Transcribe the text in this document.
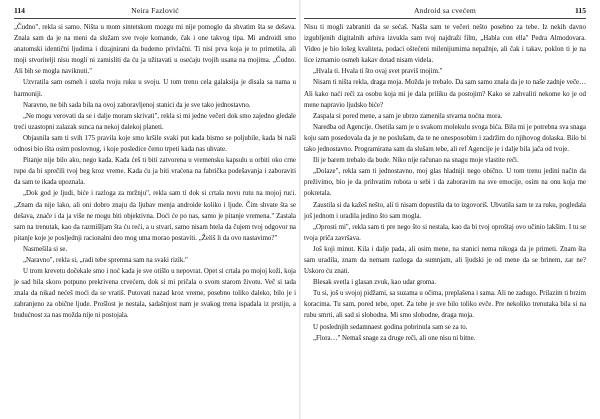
114	Neira Fazlović

„Čudno", rekla si samo. Ništa u mom sintetskom mozgu mi nije pomoglo da shvatim šta se dešava. Znala sam da je na meni da služam sve tvoje komande, čak i one takvog tipa. Mi androidi smo anatomski identični ljudima i dizajnirani da budemo privlačni. Ti nisi prva koja je to primetila, ali moji stvoritelji nisu mogli ni zamisliti da ću ja užitavati u osećaju tvojih usana na mojima. „Čudno. Ali bih se mogla naviknuti."

Uzvratila sam osmeh i uzela tvoju ruku u svoju. U tom trenu cela galaksija je disala sa nama u harmoniji.

Naravno, ne bih sada bila na ovoj zaboravljenoj stanici da je sve tako jednostavno.

„Ne mogu verovati da se i dalje moram skrivati", rekla si mi jedne večeri dok smo zajedno gledale treći uzastopni zalazak sunca na nekoj dalekoj planeti.

Objasnila sam ti svih 175 pravila koje smo kršile svaki put kada bismo se poljubile, kada bi naši odnosi bio išta osim poslovnog, i koje posledice čemo trpeti kada nas uhvate.

Pitanje nije bilo ako, nego kada. Kada ćeš ti biti zatvorena u vremensku kapsulu u orbiti oko crne rupe da bi sprečili tvoj beg kroz vreme. Kada ću ja biti vraćena na fabrička podešavanja i zaboraviti da sam te ikada upoznala.

„Dok god je ljudi, biće i razloga za mržnju", rekla sam ti dok si crtala novu rutu na mojoj ruci. „Znam da nije lako, ali oni dobro znaju da ljubav menja androide koliko i ljude. Čim shvate šta se dešava, znače i da ja više ne mogu biti objektivna. Doći će po nas, samo je pitanje vremena." Zastala sam na trenutak, kao da razmišljam šta ću reći, a u stvari, samo nisam htela da čujem tvoj odgovor na pitanje koje je posljednji racionalni deo mog uma morao postaviti. „Želiš li da ovo nastavimo?"

Nasmešila si se.

„Naravno", rekla si, „radi tebe spremna sam na svaki rizik."

U trom krevetu dočekale smo i noć kada je sve otišlo u nepovrat. Opet si crtala po mojoj koži, koja je sad bila skoro potpuno prekrivena crvećem, dok si mi pričala o svom starom životu. Več si tada znala da nikad nećeš moći da se vratiš. Putovati nazad kroz vreme, posebno toliko daleko, bilo je i zabranjeno za obične ljude. Prošlost je nestala, sadašnjost nam je svakog trena ispadala iz prstiju, a budućnost za nas možda nije ni postojala.

Android sa cvećem	115

Nisu ti mogli zabraniti da se sećaš. Našla sam te večeri neštо posebno za tebe. Iz nekih davno izgubljenih digitalnih arhiva izvukla sam tvoj najdraži film, „Habla con ella" Pedra Almodovara. Video je bio lošeg kvaliteta, podaci oštećeni milenijumima nepažnje, ali čak i takav, poklon ti je na lice izmamio osmeh kakav dotad nisam videla.

„Hvala ti. Hvala ti što ovaj svet praviš mojim."

Nisam ti ništa rekla, draga moja. Možda je trebalo. Da sam samo znala da je to naše zadnje veče… Ali kako naći reči za osobu koja mi je dala priliku da postojim? Kako se zahvaliti nekome ko je od mene napravio ljudsko biće?

Zaspala si pored mene, a sam je ubrzo zamenila stvarna noćna mora.

Naredba od Agencije. Osetila sam je u svakom molekulu svoga bića. Bila mi je potrebna sva snaga koju sam posedovala da je ne poslušam, da te ne onesposobim i zadržim do njihovog dolaska. Bilo bi tako jednostavno. Programirana sam da slušam tebe, ali ref Agencije je i dalje bila jača od tvoje.

Ili je barem trebalo da bude. Niko nije računao na snagu moje vlastite reči.

„Dolaze", rekla sam ti jednostavno, moj glas hladniji nego obično. U tom trenu jedini način da preživimo, bio je da prihvatim robota u sebi i da zaboravim na sve emocije, osim na onu koja me pokretala.

Zaustila si da kažeš nešto, ali ti nisam dopustila da to izgovoriš. Ubvatila sam te za ruku, pogledala još jednom i uradila jedino što sam mogla.

„Oprosti mi", rekla sam ti pre nego što si nestala, kao da bi tvoj oproštaj ovo učinio lakšim. I tu se tvoja priča završava.

Još koji minut. Kila i dalje pada, ali osim mene, na stanici nema nikoga da je primeti. Znam šta sam uradila, znam da nemam razloga da sumnjam, ali ljudski je od mene da se brinem, zar ne? Uskoro ću znati.

Blesak svetla i glasan zvuk, kao udar groma.

Tu si, još u svojoj pidžami, sa suzama u očima, preplašena i sama. Ali ne zadugo. Prilazim ti brzim koracima. Tu sam, pored tebe, opet. Za tebe je sve bilo toliko evče. Pre nekoliko trenutaka bila si na rubu smrti, ali sad si slobodna. Mi smo slobodne, draga moja.

U poslednjih sedamnaest godina pobrinula sam se za to.

„Flora…" Nemaš snage za druge reči, ali one nisu ni bitne.
